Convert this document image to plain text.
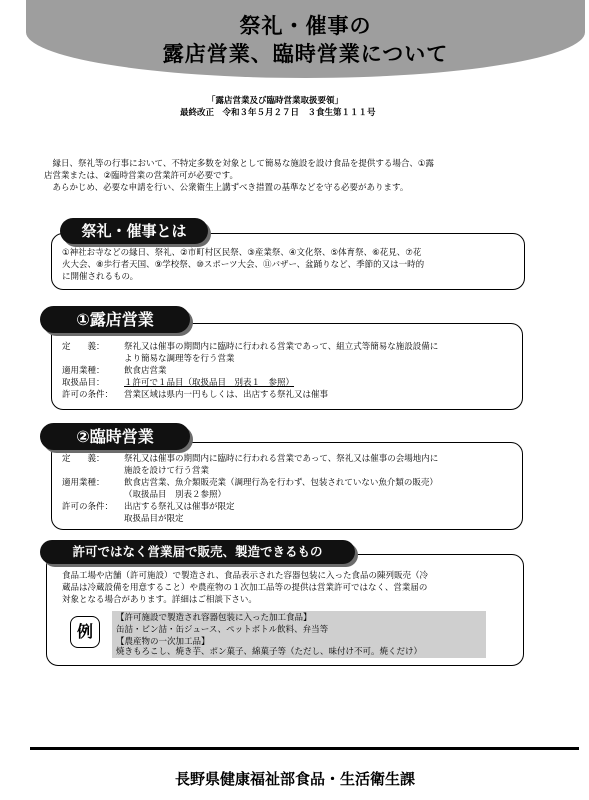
祭礼・催事の
露店営業、臨時営業について
「露店営業及び臨時営業取扱要領」
最終改正　令和３年５月２７日　３食生第１１１号

　縁日、祭礼等の行事において、不特定多数を対象として簡易な施設を設け食品を提供する場合、①露

店営業または、②臨時営業の営業許可が必要です。

　あらかじめ、必要な申請を行い、公衆衛生上講ずべき措置の基準などを守る必要があります。

祭礼・催事とは
①神社お寺などの縁日、祭礼、②市町村区民祭、③産業祭、④文化祭、⑤体育祭、⑥花見、⑦花
火大会、⑧歩行者天国、⑨学校祭、⑩スポーツ大会、⑪バザー、盆踊りなど、季節的又は一時的
に開催されるもの。
①露店営業
定　　義：	祭礼又は催事の期間内に臨時に行われる営業であって、組立式等簡易な施設設備に

より簡易な調理等を行う営業

適用業種：	飲食店営業
取扱品目：	１許可で１品目（取扱品目　別表１　参照）
許可の条件：	営業区域は県内一円もしくは、出店する祭礼又は催事
②臨時営業
定　　義：	祭礼又は催事の期間内に臨時に行われる営業であって、祭礼又は催事の会場地内に

施設を設けて行う営業

適用業種：	飲食店営業、魚介類販売業（調理行為を行わず、包装されていない魚介類の販売）

（取扱品目　別表２参照）

許可の条件：	出店する祭礼又は催事が限定

取扱品目が限定

許可ではなく営業届で販売、製造できるもの
食品工場や店舗（許可施設）で製造され、食品表示された容器包装に入った食品の陳列販売（冷
蔵品は冷蔵設備を用意すること）や農産物の１次加工品等の提供は営業許可ではなく、営業届の
対象となる場合があります。詳細はご相談下さい。
例
【許可施設で製造され容器包装に入った加工食品】
缶詰・ビン詰・缶ジュース、ペットボトル飲料、弁当等
【農産物の一次加工品】
焼きもろこし、焼き芋、ポン菓子、綿菓子等（ただし、味付け不可。焼くだけ）
長野県健康福祉部食品・生活衛生課
